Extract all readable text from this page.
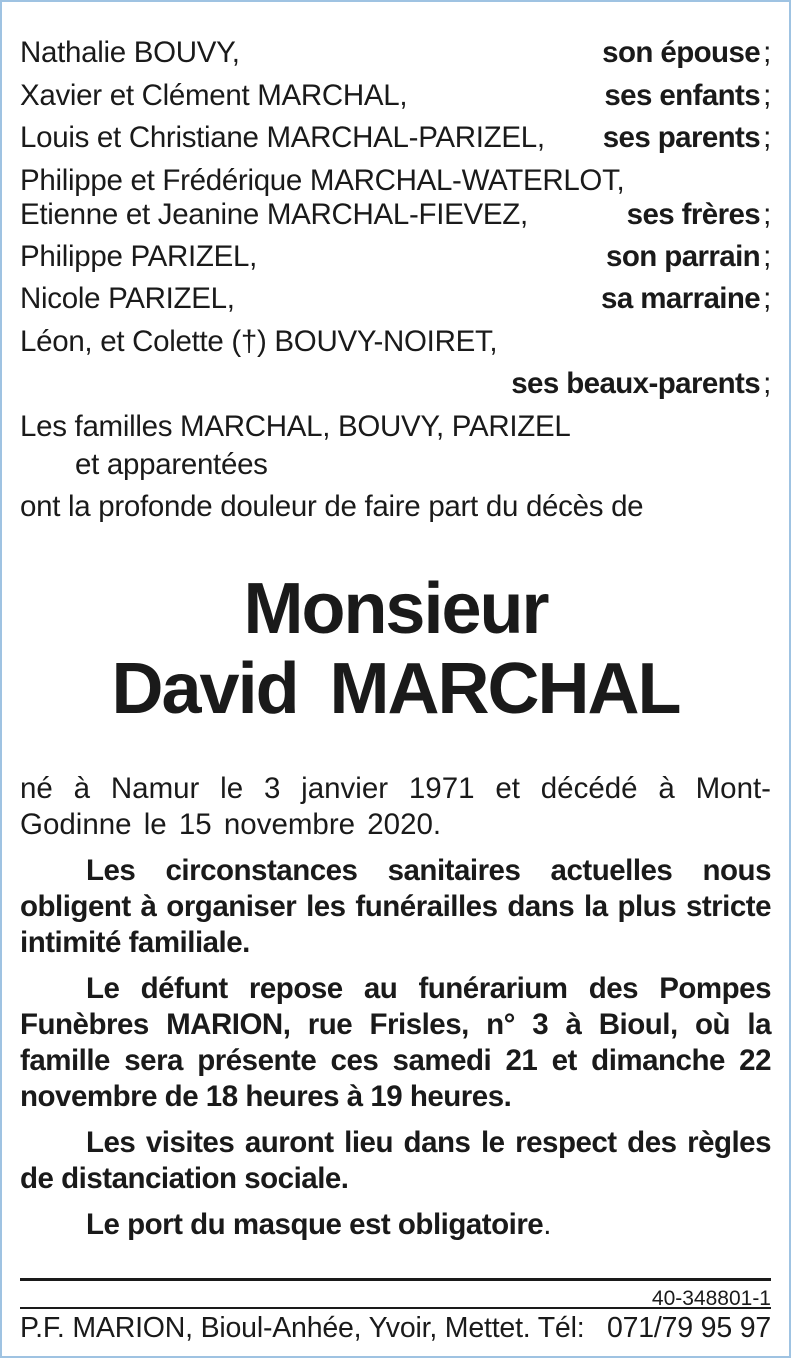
Nathalie BOUVY,	son épouse ;
Xavier et Clément MARCHAL,	ses enfants ;
Louis et Christiane MARCHAL-PARIZEL, ses parents ;
Philippe et Frédérique MARCHAL-WATERLOT,
Etienne et Jeanine MARCHAL-FIEVEZ,	ses frères ;
Philippe PARIZEL,	son parrain ;
Nicole PARIZEL,	sa marraine ;
Léon, et Colette (†) BOUVY-NOIRET,
ses beaux-parents ;
Les familles MARCHAL, BOUVY, PARIZEL
et apparentées
ont la profonde douleur de faire part du décès de
Monsieur
David MARCHAL

né à Namur le 3 janvier 1971 et décédé à Mont-Godinne le 15 novembre 2020.

Les circonstances sanitaires actuelles nous obligent à organiser les funérailles dans la plus stricte intimité familiale.

Le défunt repose au funérarium des Pompes Funèbres MARION, rue Frisles, n° 3 à Bioul, où la famille sera présente ces samedi 21 et dimanche 22 novembre de 18 heures à 19 heures.

Les visites auront lieu dans le respect des règles de distanciation sociale.

Le port du masque est obligatoire.

40-348801-1
P.F. MARION, Bioul-Anhée, Yvoir, Mettet. Tél: 071/79 95 97
